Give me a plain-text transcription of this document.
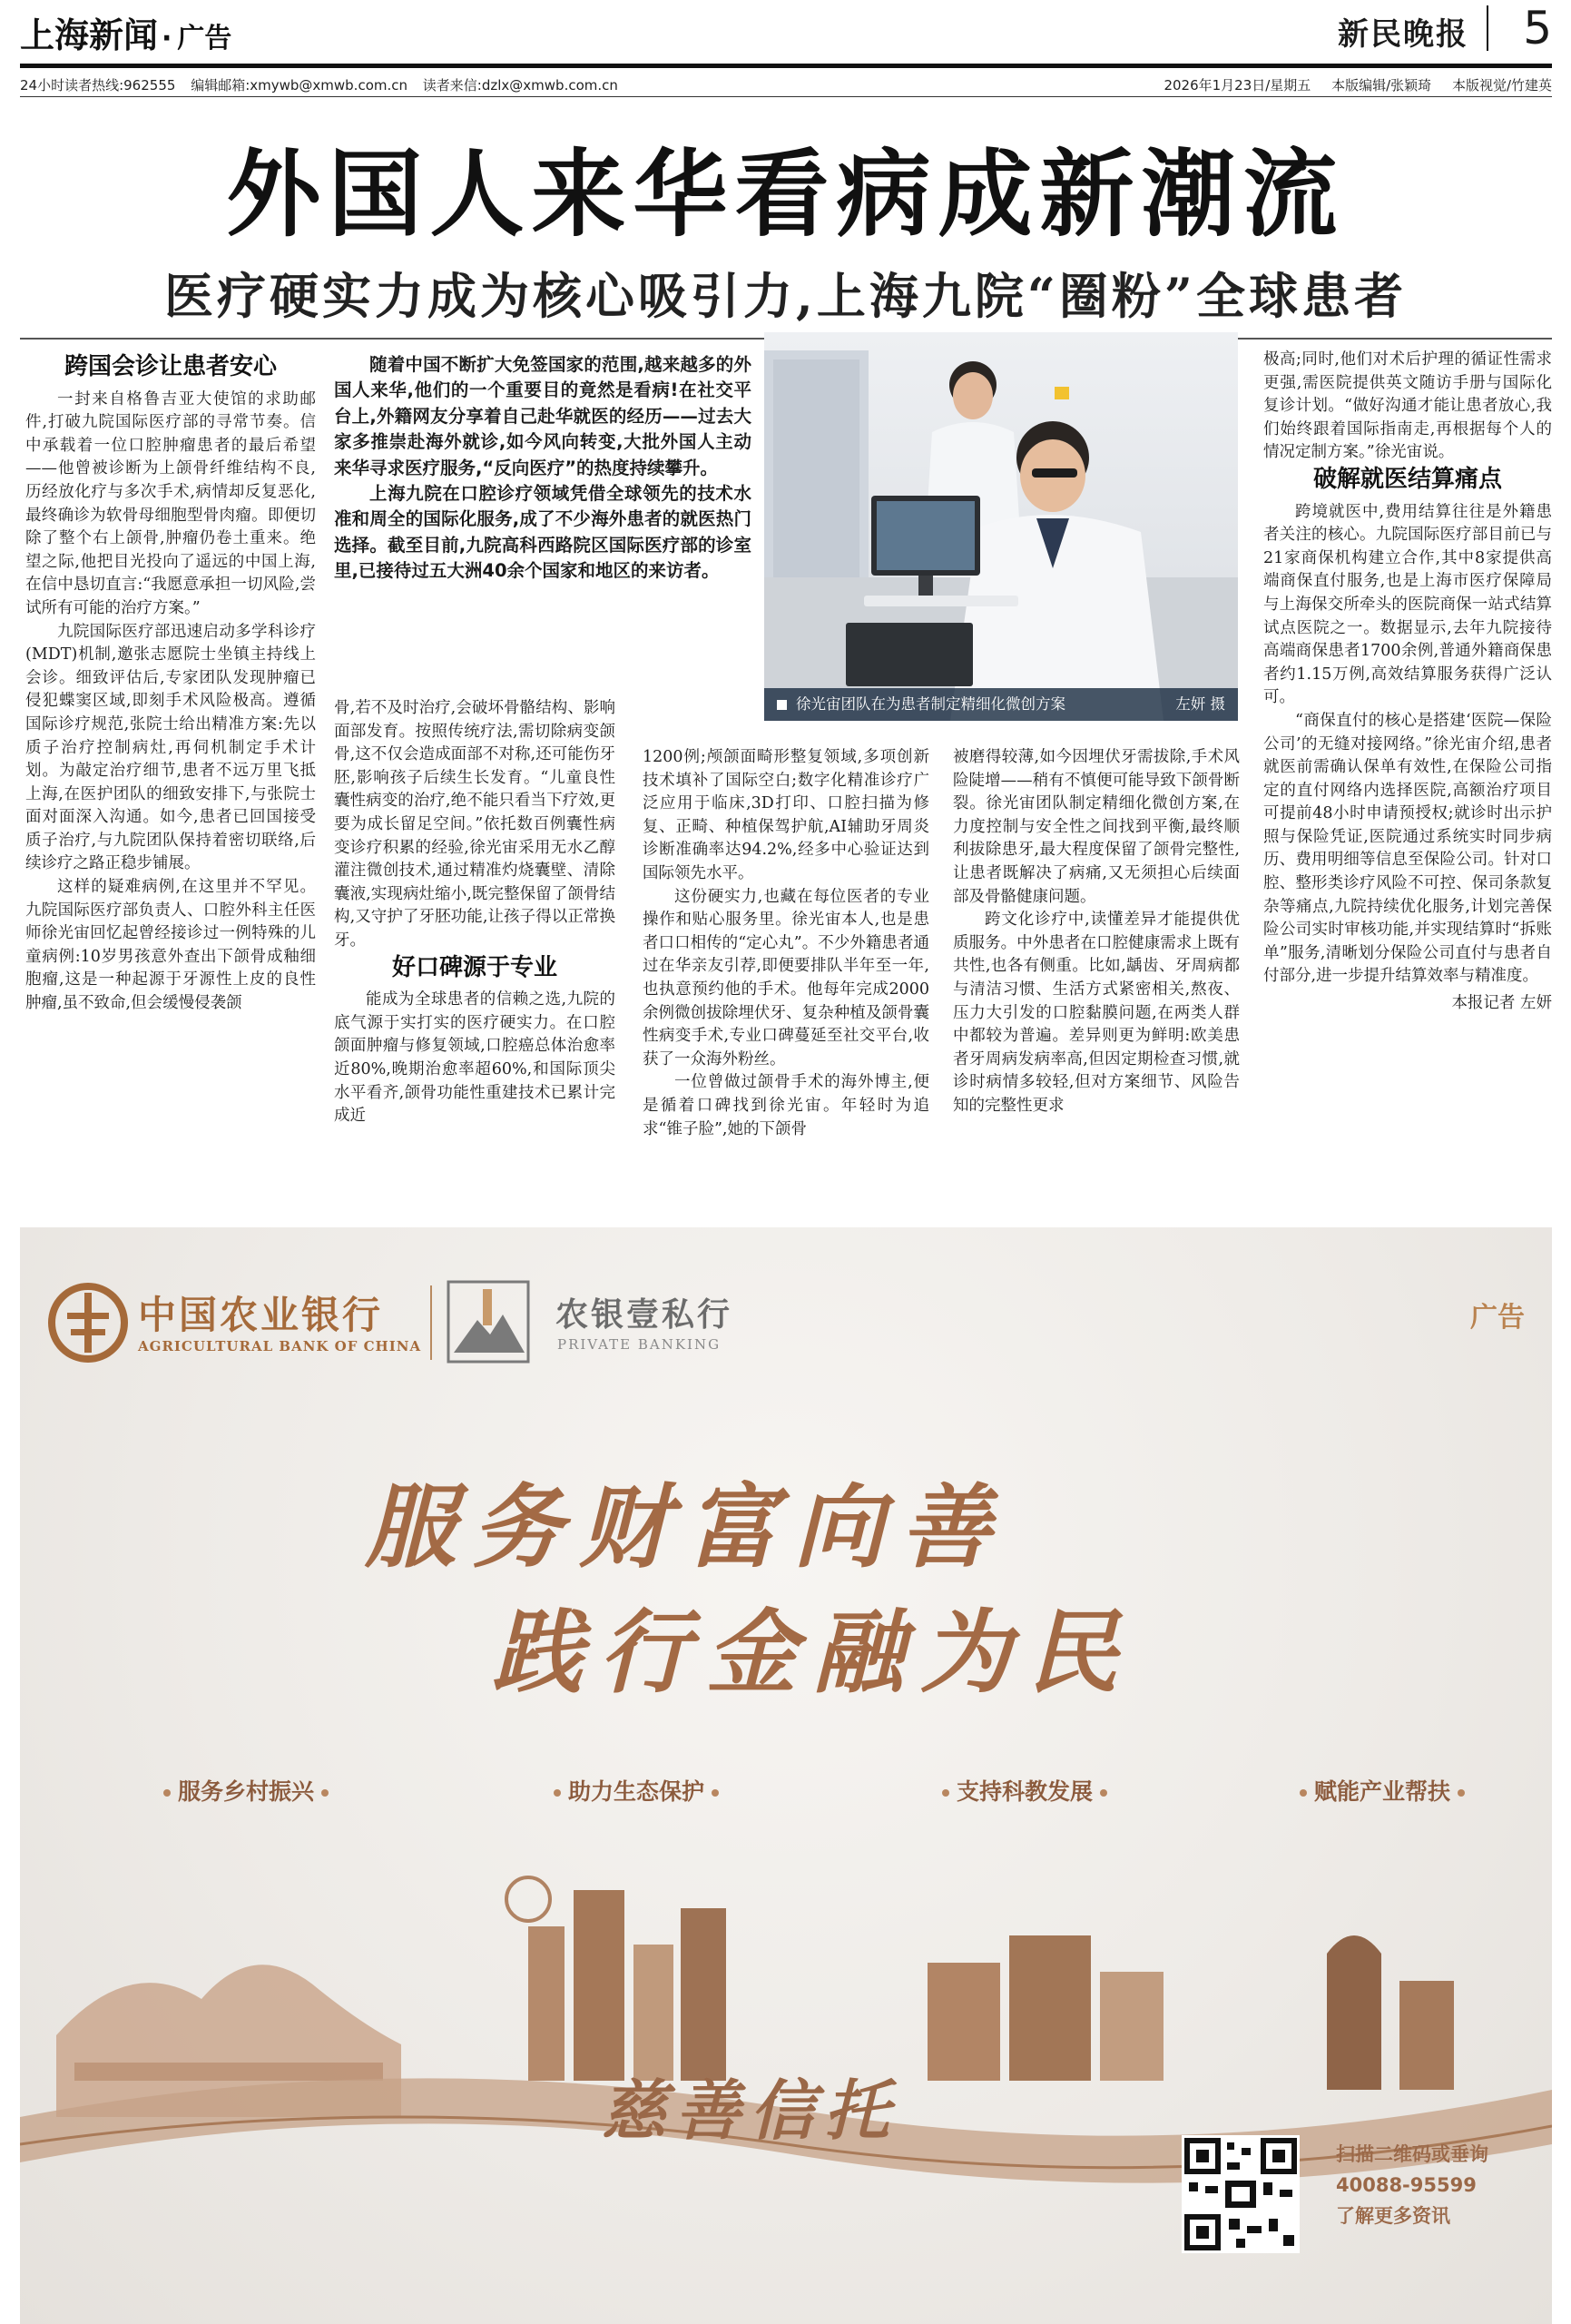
上海新闻 · 广告	新民晚报 5
24小时读者热线:962555 编辑邮箱:xmywb@xmwb.com.cn 读者来信:dzlx@xmwb.com.cn	2026年1月23日/星期五 本版编辑/张颖琦 本版视觉/竹建英
外国人来华看病成新潮流
医疗硬实力成为核心吸引力,上海九院“圈粉”全球患者
跨国会诊让患者安心

一封来自格鲁吉亚大使馆的求助邮件,打破九院国际医疗部的寻常节奏。信中承载着一位口腔肿瘤患者的最后希望——他曾被诊断为上颌骨纤维结构不良,历经放化疗与多次手术,病情却反复恶化,最终确诊为软骨母细胞型骨肉瘤。即便切除了整个右上颌骨,肿瘤仍卷土重来。绝望之际,他把目光投向了遥远的中国上海,在信中恳切直言:“我愿意承担一切风险,尝试所有可能的治疗方案。”

九院国际医疗部迅速启动多学科诊疗(MDT)机制,邀张志愿院士坐镇主持线上会诊。细致评估后,专家团队发现肿瘤已侵犯蝶窦区域,即刻手术风险极高。遵循国际诊疗规范,张院士给出精准方案:先以质子治疗控制病灶,再伺机制定手术计划。为敲定治疗细节,患者不远万里飞抵上海,在医护团队的细致安排下,与张院士面对面深入沟通。如今,患者已回国接受质子治疗,与九院团队保持着密切联络,后续诊疗之路正稳步铺展。

这样的疑难病例,在这里并不罕见。九院国际医疗部负责人、口腔外科主任医师徐光宙回忆起曾经接诊过一例特殊的儿童病例:10岁男孩意外查出下颌骨成釉细胞瘤,这是一种起源于牙源性上皮的良性肿瘤,虽不致命,但会缓慢侵袭颌

随着中国不断扩大免签国家的范围,越来越多的外国人来华,他们的一个重要目的竟然是看病!在社交平台上,外籍网友分享着自己赴华就医的经历——过去大家多推崇赴海外就诊,如今风向转变,大批外国人主动来华寻求医疗服务,“反向医疗”的热度持续攀升。

上海九院在口腔诊疗领域凭借全球领先的技术水准和周全的国际化服务,成了不少海外患者的就医热门选择。截至目前,九院高科西路院区国际医疗部的诊室里,已接待过五大洲40余个国家和地区的来访者。

徐光宙团队在为患者制定精细化微创方案	左妍 摄

骨,若不及时治疗,会破坏骨骼结构、影响面部发育。按照传统疗法,需切除病变颌骨,这不仅会造成面部不对称,还可能伤牙胚,影响孩子后续生长发育。“儿童良性囊性病变的治疗,绝不能只看当下疗效,更要为成长留足空间。”依托数百例囊性病变诊疗积累的经验,徐光宙采用无水乙醇灌注微创技术,通过精准灼烧囊壁、清除囊液,实现病灶缩小,既完整保留了颌骨结构,又守护了牙胚功能,让孩子得以正常换牙。

好口碑源于专业

能成为全球患者的信赖之选,九院的底气源于实打实的医疗硬实力。在口腔颌面肿瘤与修复领域,口腔癌总体治愈率近80%,晚期治愈率超60%,和国际顶尖水平看齐,颌骨功能性重建技术已累计完成近

1200例;颅颌面畸形整复领域,多项创新技术填补了国际空白;数字化精准诊疗广泛应用于临床,3D打印、口腔扫描为修复、正畸、种植保驾护航,AI辅助牙周炎诊断准确率达94.2%,经多中心验证达到国际领先水平。

这份硬实力,也藏在每位医者的专业操作和贴心服务里。徐光宙本人,也是患者口口相传的“定心丸”。不少外籍患者通过在华亲友引荐,即便要排队半年至一年,也执意预约他的手术。他每年完成2000余例微创拔除埋伏牙、复杂种植及颌骨囊性病变手术,专业口碑蔓延至社交平台,收获了一众海外粉丝。

一位曾做过颌骨手术的海外博主,便是循着口碑找到徐光宙。年轻时为追求“锥子脸”,她的下颌骨

被磨得较薄,如今因埋伏牙需拔除,手术风险陡增——稍有不慎便可能导致下颌骨断裂。徐光宙团队制定精细化微创方案,在力度控制与安全性之间找到平衡,最终顺利拔除患牙,最大程度保留了颌骨完整性,让患者既解决了病痛,又无须担心后续面部及骨骼健康问题。

跨文化诊疗中,读懂差异才能提供优质服务。中外患者在口腔健康需求上既有共性,也各有侧重。比如,龋齿、牙周病都与清洁习惯、生活方式紧密相关,熬夜、压力大引发的口腔黏膜问题,在两类人群中都较为普遍。差异则更为鲜明:欧美患者牙周病发病率高,但因定期检查习惯,就诊时病情多较轻,但对方案细节、风险告知的完整性更求

极高;同时,他们对术后护理的循证性需求更强,需医院提供英文随访手册与国际化复诊计划。“做好沟通才能让患者放心,我们始终跟着国际指南走,再根据每个人的情况定制方案。”徐光宙说。

破解就医结算痛点

跨境就医中,费用结算往往是外籍患者关注的核心。九院国际医疗部目前已与21家商保机构建立合作,其中8家提供高端商保直付服务,也是上海市医疗保障局与上海保交所牵头的医院商保一站式结算试点医院之一。数据显示,去年九院接待高端商保患者1700余例,普通外籍商保患者约1.15万例,高效结算服务获得广泛认可。

“商保直付的核心是搭建‘医院—保险公司’的无缝对接网络。”徐光宙介绍,患者就医前需确认保单有效性,在保险公司指定的直付网络内选择医院,高额治疗项目可提前48小时申请预授权;就诊时出示护照与保险凭证,医院通过系统实时同步病历、费用明细等信息至保险公司。针对口腔、整形类诊疗风险不可控、保司条款复杂等痛点,九院持续优化服务,计划完善保险公司实时审核功能,并实现结算时“拆账单”服务,清晰划分保险公司直付与患者自付部分,进一步提升结算效率与精准度。

本报记者 左妍
中国农业银行
AGRICULTURAL BANK OF CHINA
农银壹私行
PRIVATE BANKING
广告
服务财富向善
践行金融为民
服务乡村振兴	助力生态保护	支持科教发展	赋能产业帮扶
慈善信托
扫描二维码或垂询
40088-95599
了解更多资讯
